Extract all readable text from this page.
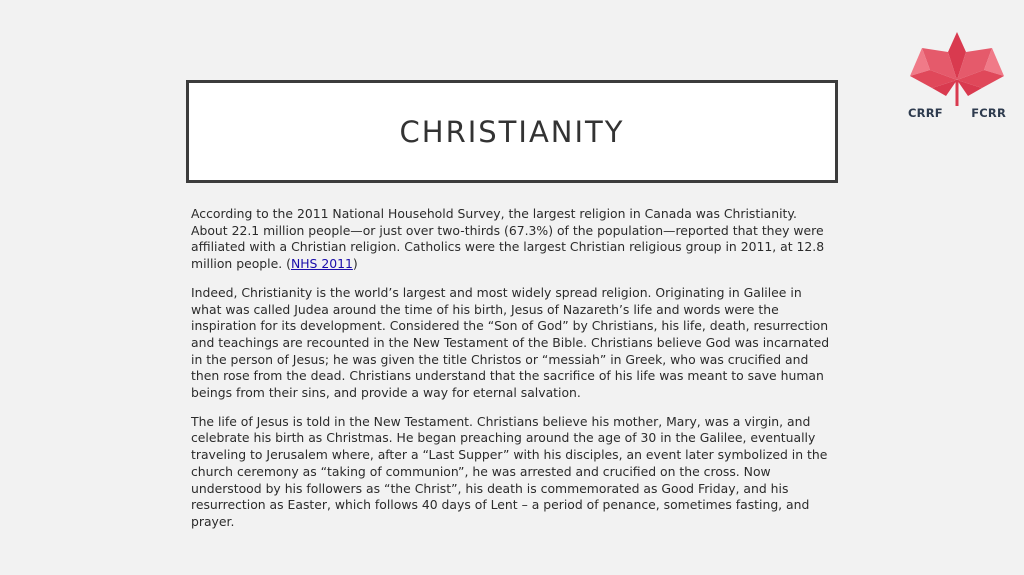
CHRISTIANITY
CRRF FCRR

According to the 2011 National Household Survey, the largest religion in Canada was Christianity. About 22.1 million people—or just over two-thirds (67.3%) of the population—reported that they were affiliated with a Christian religion. Catholics were the largest Christian religious group in 2011, at 12.8 million people. (NHS 2011)

Indeed, Christianity is the world’s largest and most widely spread religion. Originating in Galilee in what was called Judea around the time of his birth, Jesus of Nazareth’s life and words were the inspiration for its development. Considered the “Son of God” by Christians, his life, death, resurrection and teachings are recounted in the New Testament of the Bible. Christians believe God was incarnated in the person of Jesus; he was given the title Christos or “messiah” in Greek, who was crucified and then rose from the dead. Christians understand that the sacrifice of his life was meant to save human beings from their sins, and provide a way for eternal salvation.

The life of Jesus is told in the New Testament. Christians believe his mother, Mary, was a virgin, and celebrate his birth as Christmas. He began preaching around the age of 30 in the Galilee, eventually traveling to Jerusalem where, after a “Last Supper” with his disciples, an event later symbolized in the church ceremony as “taking of communion”, he was arrested and crucified on the cross. Now understood by his followers as “the Christ”, his death is commemorated as Good Friday, and his resurrection as Easter, which follows 40 days of Lent – a period of penance, sometimes fasting, and prayer.
